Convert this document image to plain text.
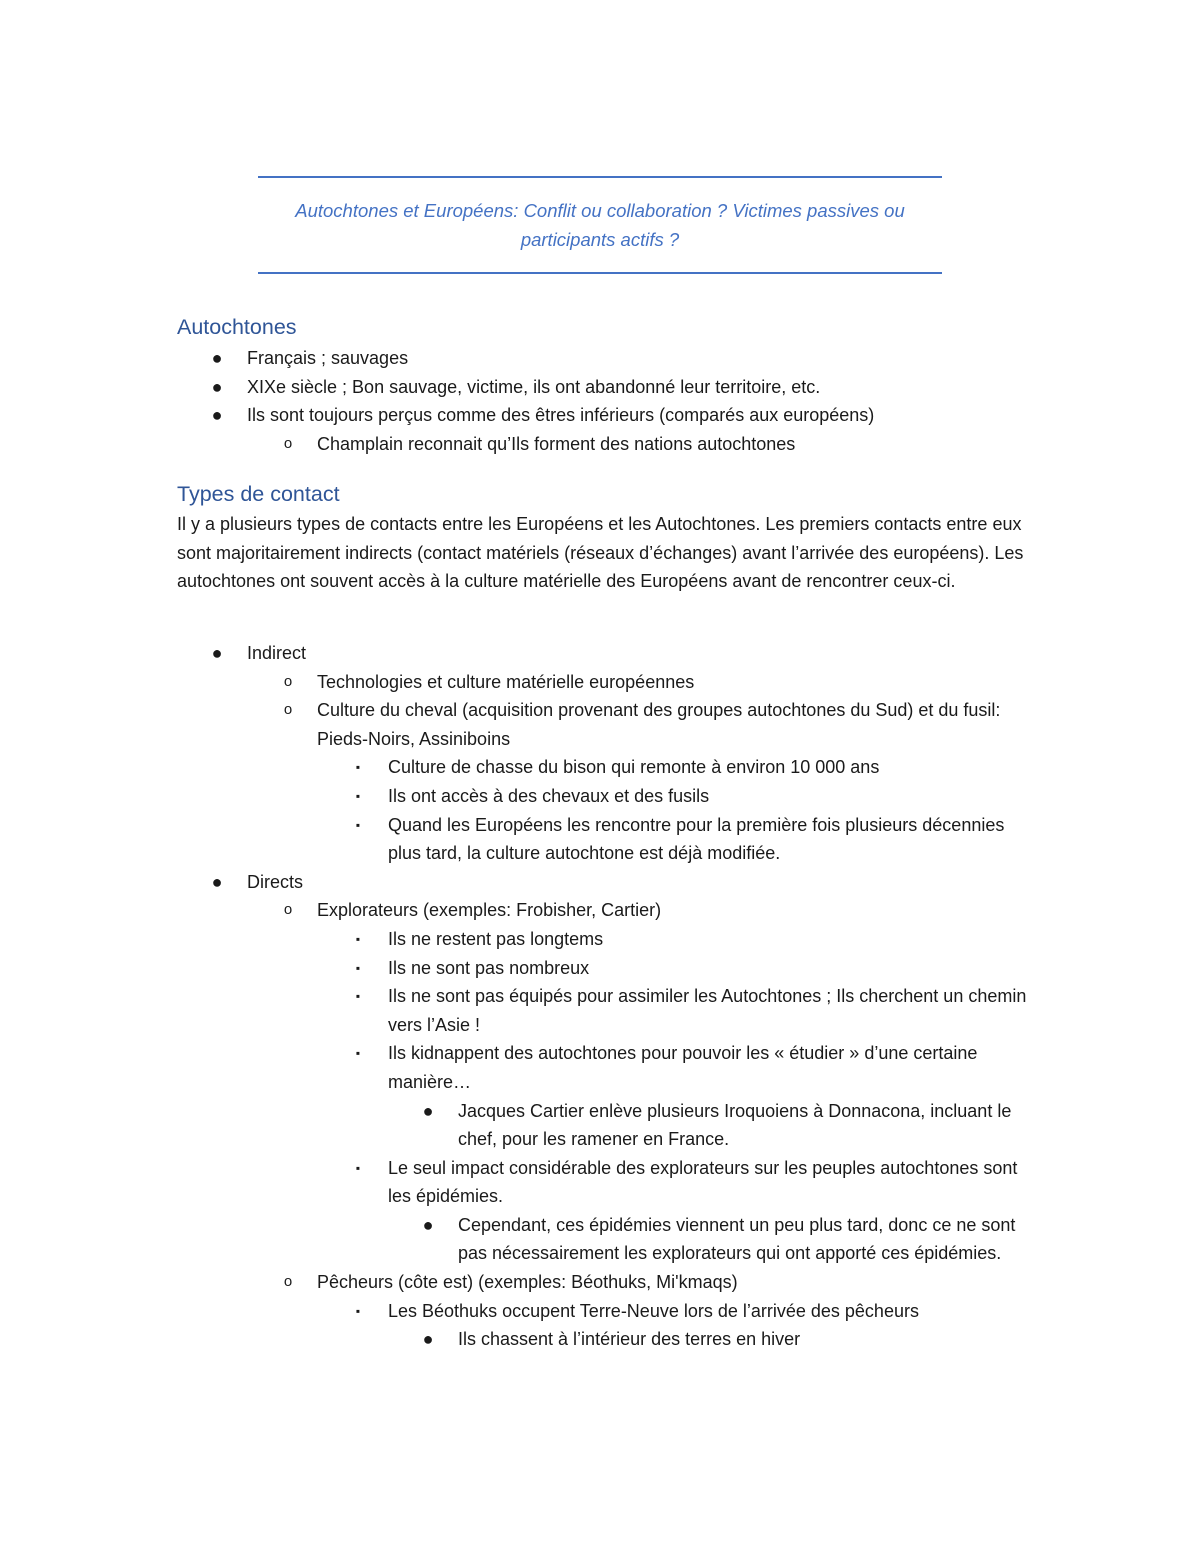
Autochtones et Européens: Conflit ou collaboration ? Victimes passives ou participants actifs ?
Autochtones
● Français ; sauvages
● XIXe siècle ; Bon sauvage, victime, ils ont abandonné leur territoire, etc.
● Ils sont toujours perçus comme des êtres inférieurs (comparés aux européens)
o	Champlain reconnait qu’Ils forment des nations autochtones
Types de contact
Il y a plusieurs types de contacts entre les Européens et les Autochtones. Les premiers contacts entre eux sont majoritairement indirects (contact matériels (réseaux d’échanges) avant l’arrivée des européens). Les autochtones ont souvent accès à la culture matérielle des Européens avant de rencontrer ceux-ci.
● Indirect
o	Technologies et culture matérielle européennes
o	Culture du cheval (acquisition provenant des groupes autochtones du Sud) et du fusil: Pieds-Noirs, Assiniboins
▪	Culture de chasse du bison qui remonte à environ 10 000 ans
▪	Ils ont accès à des chevaux et des fusils
▪	Quand les Européens les rencontre pour la première fois plusieurs décennies plus tard, la culture autochtone est déjà modifiée.
● Directs
o	Explorateurs (exemples: Frobisher, Cartier)
▪	Ils ne restent pas longtems
▪	Ils ne sont pas nombreux
▪	Ils ne sont pas équipés pour assimiler les Autochtones ; Ils cherchent un chemin vers l’Asie !
▪	Ils kidnappent des autochtones pour pouvoir les « étudier » d’une certaine manière…
● Jacques Cartier enlève plusieurs Iroquoiens à Donnacona, incluant le chef, pour les ramener en France.
▪	Le seul impact considérable des explorateurs sur les peuples autochtones sont les épidémies.
● Cependant, ces épidémies viennent un peu plus tard, donc ce ne sont pas nécessairement les explorateurs qui ont apporté ces épidémies.
o	Pêcheurs (côte est) (exemples: Béothuks, Mi'kmaqs)
▪	Les Béothuks occupent Terre-Neuve lors de l’arrivée des pêcheurs
● Ils chassent à l’intérieur des terres en hiver
